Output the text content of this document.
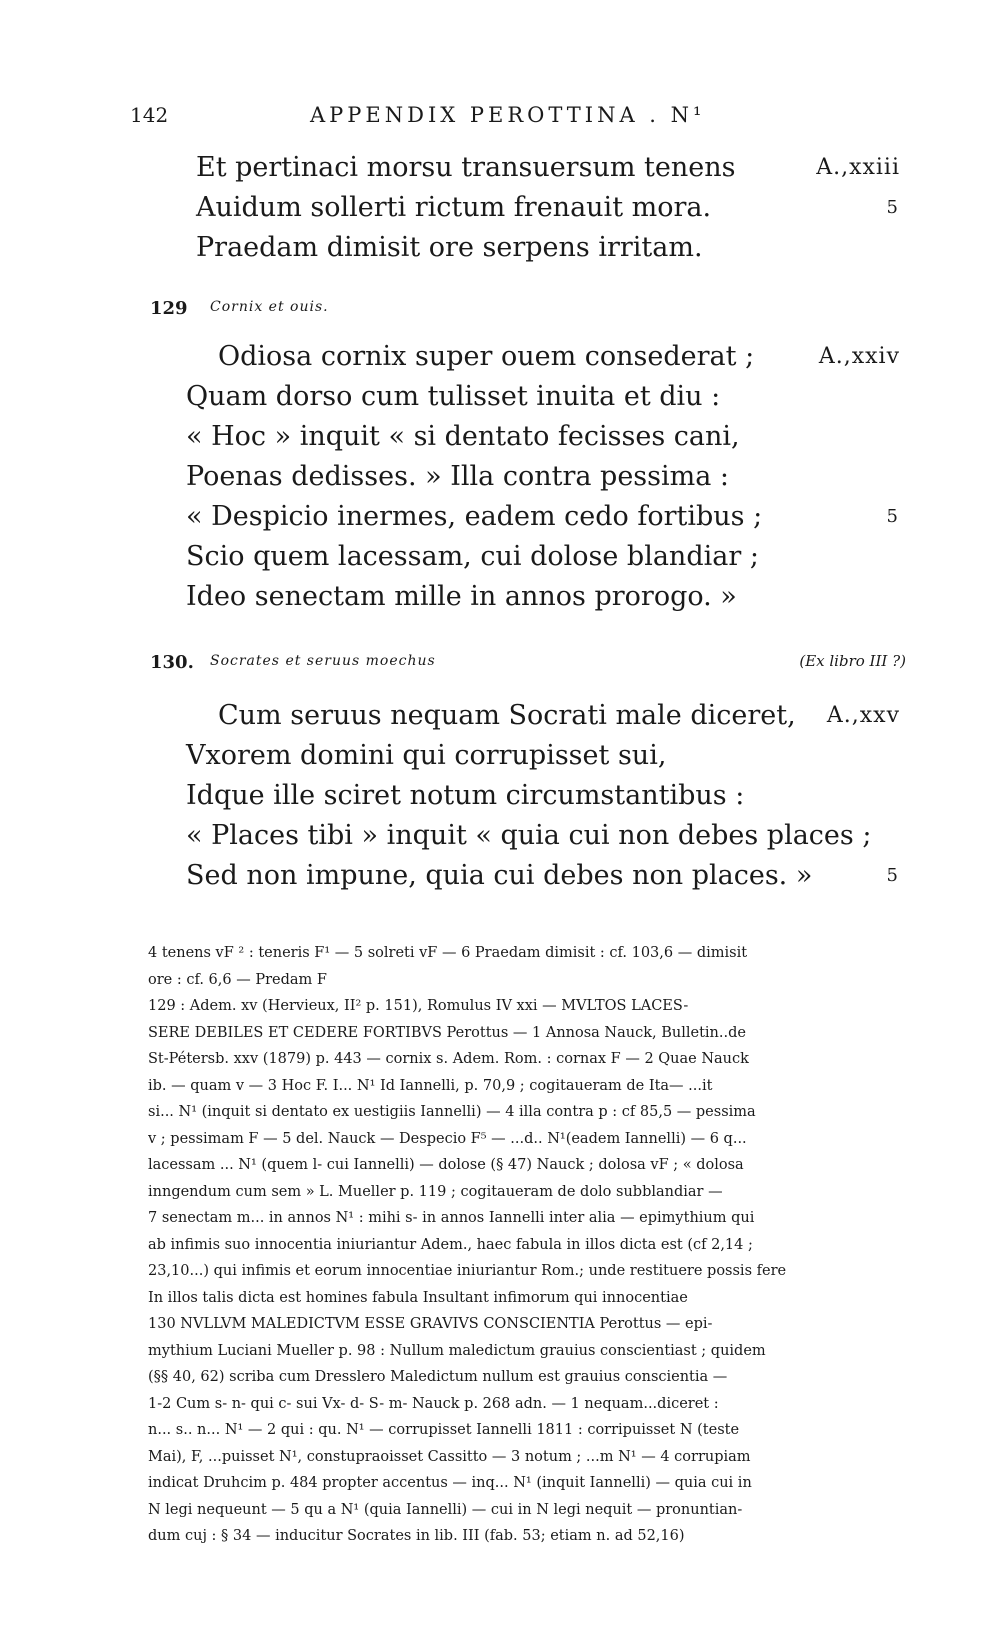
142	APPENDIX PEROTTINA . N¹
Et pertinaci morsu transuersum tenens	A.,xxiii
Auidum sollerti rictum frenauit mora.	5
Praedam dimisit ore serpens irritam.
129 Cornix et ouis.
Odiosa cornix super ouem consederat ;	A.,xxiv
Quam dorso cum tulisset inuita et diu :
« Hoc » inquit « si dentato fecisses cani,
Poenas dedisses. » Illa contra pessima :
« Despicio inermes, eadem cedo fortibus ;	5
Scio quem lacessam, cui dolose blandiar ;
Ideo senectam mille in annos prorogo. »
130. Socrates et seruus moechus	(Ex libro III ?)
Cum seruus nequam Socrati male diceret, A.,xxv
Vxorem domini qui corrupisset sui,
Idque ille sciret notum circumstantibus :
« Places tibi » inquit « quia cui non debes places ;
Sed non impune, quia cui debes non places. »	5
4 tenens vF ² : teneris F¹ — 5 solreti vF — 6 Praedam dimisit : cf. 103,6 — dimisit
ore : cf. 6,6 — Predam F
129 : Adem. xv (Hervieux, II² p. 151), Romulus IV xxi — MVLTOS LACES-
SERE DEBILES ET CEDERE FORTIBVS Perottus — 1 Annosa Nauck, Bulletin..de
St-Pétersb. xxv (1879) p. 443 — cornix s. Adem. Rom. : cornax F — 2 Quae Nauck
ib. — quam v — 3 Hoc F. I... N¹ Id Iannelli, p. 70,9 ; cogitaueram de Ita— ...it
si... N¹ (inquit si dentato ex uestigiis Iannelli) — 4 illa contra p : cf 85,5 — pessima
v ; pessimam F — 5 del. Nauck — Despecio F⁵ — ...d.. N¹(eadem Iannelli) — 6 q...
lacessam ... N¹ (quem l- cui Iannelli) — dolose (§ 47) Nauck ; dolosa vF ; « dolosa
inngendum cum sem » L. Mueller p. 119 ; cogitaueram de dolo subblandiar —
7 senectam m... in annos N¹ : mihi s- in annos Iannelli inter alia — epimythium qui
ab infimis suo innocentia iniuriantur Adem., haec fabula in illos dicta est (cf 2,14 ;
23,10...) qui infimis et eorum innocentiae iniuriantur Rom.; unde restituere possis fere
In illos talis dicta est homines fabula Insultant infimorum qui innocentiae
130 NVLLVM MALEDICTVM ESSE GRAVIVS CONSCIENTIA Perottus — epi-
mythium Luciani Mueller p. 98 : Nullum maledictum grauius conscientiast ; quidem
(§§ 40, 62) scriba cum Dresslero Maledictum nullum est grauius conscientia —
1-2 Cum s- n- qui c- sui Vx- d- S- m- Nauck p. 268 adn. — 1 nequam...diceret :
n... s.. n... N¹ — 2 qui : qu. N¹ — corrupisset Iannelli 1811 : corripuisset N (teste
Mai), F, ...puisset N¹, constupraoisset Cassitto — 3 notum ; ...m N¹ — 4 corrupiam
indicat Druhcim p. 484 propter accentus — inq... N¹ (inquit Iannelli) — quia cui in
N legi nequeunt — 5 qu a N¹ (quia Iannelli) — cui in N legi nequit — pronuntian-
dum cuj : § 34 — inducitur Socrates in lib. III (fab. 53; etiam n. ad 52,16)
